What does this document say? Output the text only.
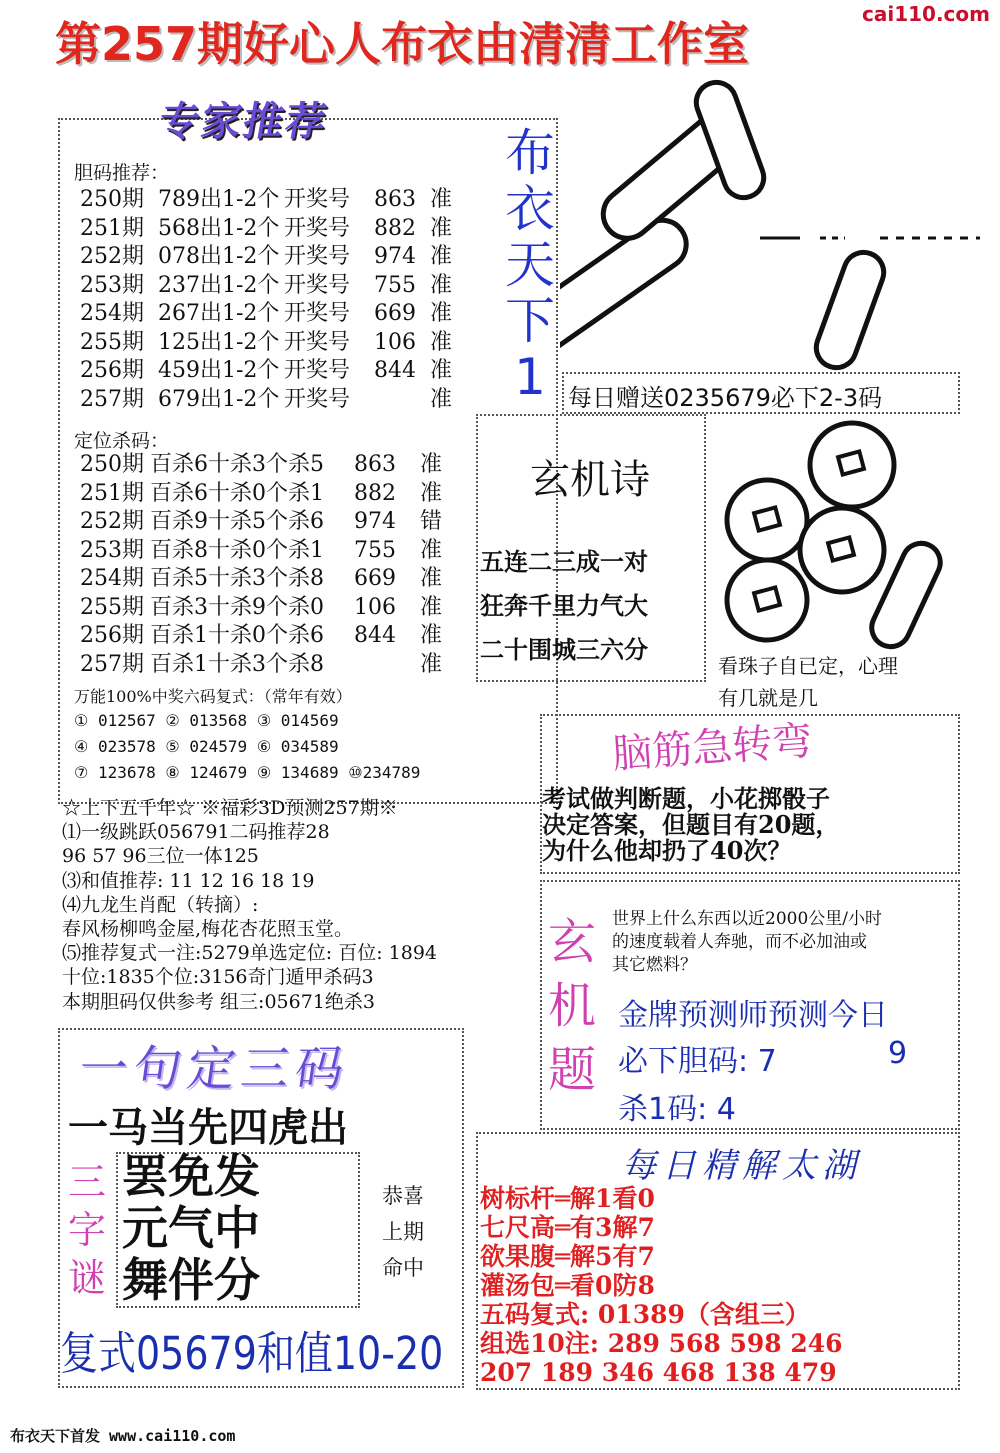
第257期好心人布衣由清清工作室
cai110.com
专家推荐
胆码推荐：
250期 789出1-2个 开奖号	863 准
251期 568出1-2个 开奖号	882 准
252期 078出1-2个 开奖号	974 准
253期 237出1-2个 开奖号	755 准
254期 267出1-2个 开奖号	669 准
255期 125出1-2个 开奖号	106 准
256期 459出1-2个 开奖号	844 准
257期 679出1-2个 开奖号	准
定位杀码：
250期 百杀6十杀3个杀5	863	准
251期 百杀6十杀0个杀1	882	准
252期 百杀9十杀5个杀6	974	错
253期 百杀8十杀0个杀1	755	准
254期 百杀5十杀3个杀8	669	准
255期 百杀3十杀9个杀0	106	准
256期 百杀1十杀0个杀6	844	准
257期 百杀1十杀3个杀8	准
万能100%中奖六码复式：（常年有效）
① 012567 ② 013568 ③ 014569
④ 023578 ⑤ 024579 ⑥ 034589
⑦ 123678 ⑧ 124679 ⑨ 134689 ⑩234789
☆上下五千年☆ ※福彩3D预测257期※
⑴一级跳跃056791二码推荐28
96 57 96三位一体125
⑶和值推荐: 11 12 16 18 19
⑷九龙生肖配（转摘）:
春风杨柳鸣金屋,梅花杏花照玉堂。
⑸推荐复式一注:5279单选定位: 百位: 1894
十位:1835个位:3156奇门遁甲杀码3
本期胆码仅供参考 组三:05671绝杀3
布
衣
天
下
1 每日赠送0235679必下2-3码
玄机诗
五连二三成一对
狂奔千里力气大
二十围城三六分
看珠子自已定，心理
有几就是几
脑筋急转弯
考试做判断题，小花掷骰子
决定答案，但题目有20题，
为什么他却扔了40次？
玄
机
题
世界上什么东西以近2000公里/小时
的速度载着人奔驰，而不必加油或
其它燃料？
金牌预测师预测今日
必下胆码: 7	9
杀1码: 4
一句定三码
一马当先四虎出
三
字
谜
罢免发
元气中
舞伴分
恭喜
上期
命中
复式05679和值10-20
每日精解太湖
树标杆═解1看0
七尺高═有3解7
欲果腹═解5有7
灌汤包═看0防8
五码复式: 01389（含组三）
组选10注: 289 568 598 246
207 189 346 468 138 479
布衣天下首发 www.cai110.com
